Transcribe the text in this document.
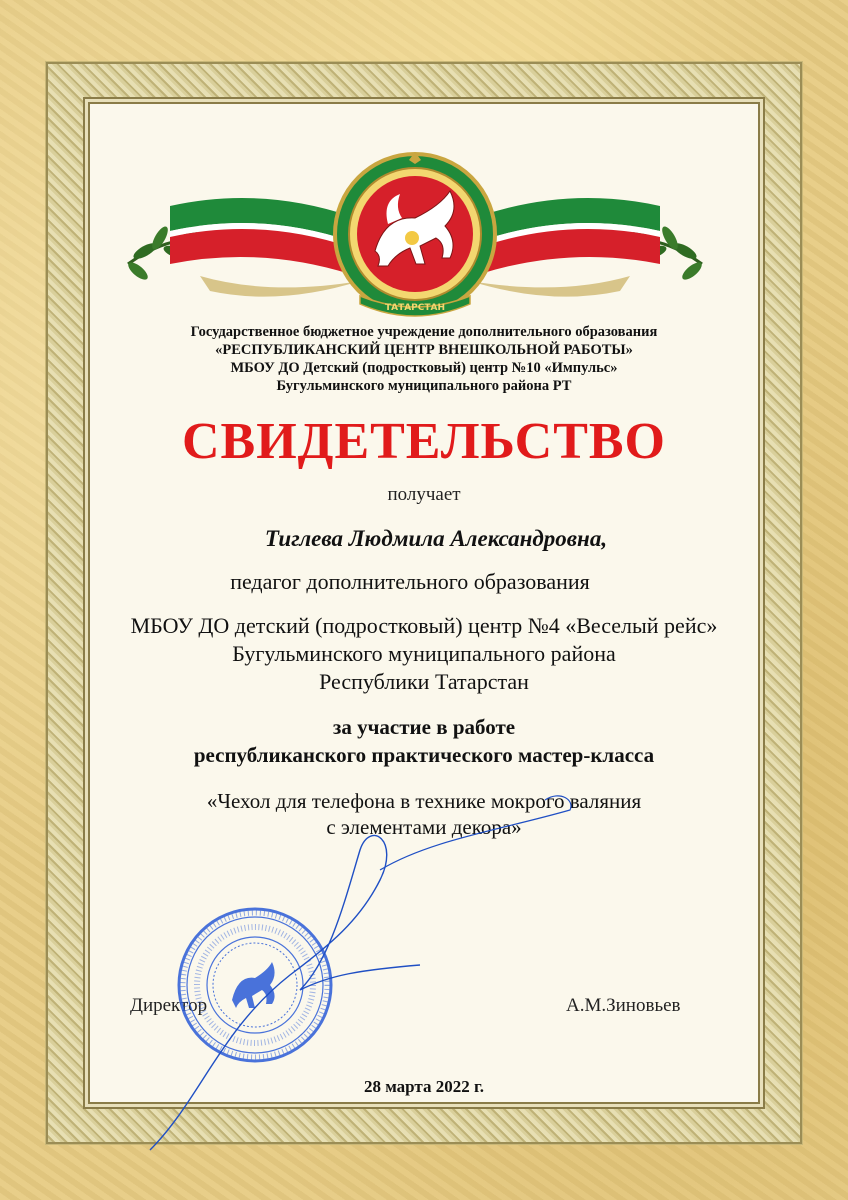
ТАТАРСТАН
Государственное бюджетное учреждение дополнительного образования
«РЕСПУБЛИКАНСКИЙ ЦЕНТР ВНЕШКОЛЬНОЙ РАБОТЫ»
МБОУ ДО Детский (подростковый) центр №10 «Импульс»
Бугульминского муниципального района РТ
СВИДЕТЕЛЬСТВО
получает
Тиглева Людмила Александровна,
педагог дополнительного образования
МБОУ ДО детский (подростковый) центр №4 «Веселый рейс»
Бугульминского муниципального района
Республики Татарстан
за участие в работе
республиканского практического мастер-класса
«Чехол для телефона в технике мокрого валяния
с элементами декора»
Директор	А.М.Зиновьев
28 марта 2022 г.
